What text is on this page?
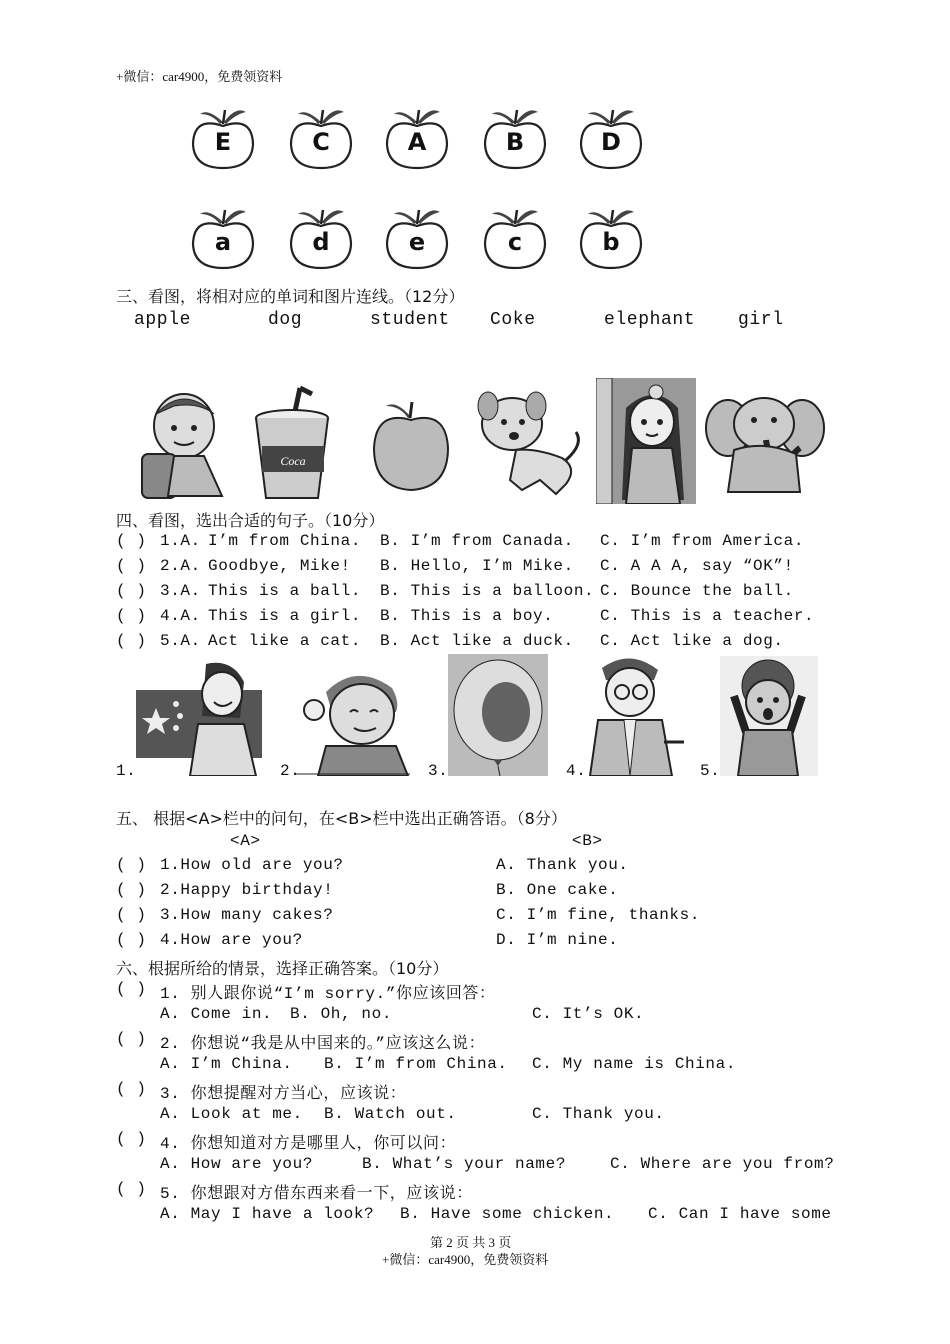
+微信：car4900，免费领资料
E	C	A	B	D
a	d	e	c	b
三、看图，将相对应的单词和图片连线。（12分）
apple	dog	student Coke	elephant girl
Coca
四、看图，选出合适的句子。（10分）
( ) 1.A. I’m from China. B. I’m from Canada. C. I’m from America.
( ) 2.A. Goodbye, Mike! B. Hello, I’m Mike. C. A A A, say “OK”!
( ) 3.A. This is a ball. B. This is a balloon. C. Bounce the ball.
( ) 4.A. This is a girl. B. This is a boy.	C. This is a teacher.
( ) 5.A. Act like a cat. B. Act like a duck. C. Act like a dog.
1.	2.	3.	4.	5.
五、 根据<A>栏中的问句，在<B>栏中选出正确答语。（8分）
<A>	<B>
( ) 1.How old are you?	A. Thank you.
( ) 2.Happy birthday!	B. One cake.
( ) 3.How many cakes?	C. I’m fine, thanks.
( ) 4.How are you?	D. I’m nine.
六、根据所给的情景，选择正确答案。（10分）
( ) 1. 别人跟你说“I’m sorry.”你应该回答：
A. Come in. B. Oh, no.	C. It’s OK.
( ) 2. 你想说“我是从中国来的。”应该这么说：
A. I’m China. B. I’m from China. C. My name is China.
( ) 3. 你想提醒对方当心，应该说：
A. Look at me. B. Watch out.	C. Thank you.
( ) 4. 你想知道对方是哪里人，你可以问：
A. How are you?	B. What’s your name?	C. Where are you from?
( ) 5. 你想跟对方借东西来看一下，应该说：
A. May I have a look? B. Have some chicken. C. Can I have some
第 2 页 共 3 页
+微信：car4900，免费领资料
